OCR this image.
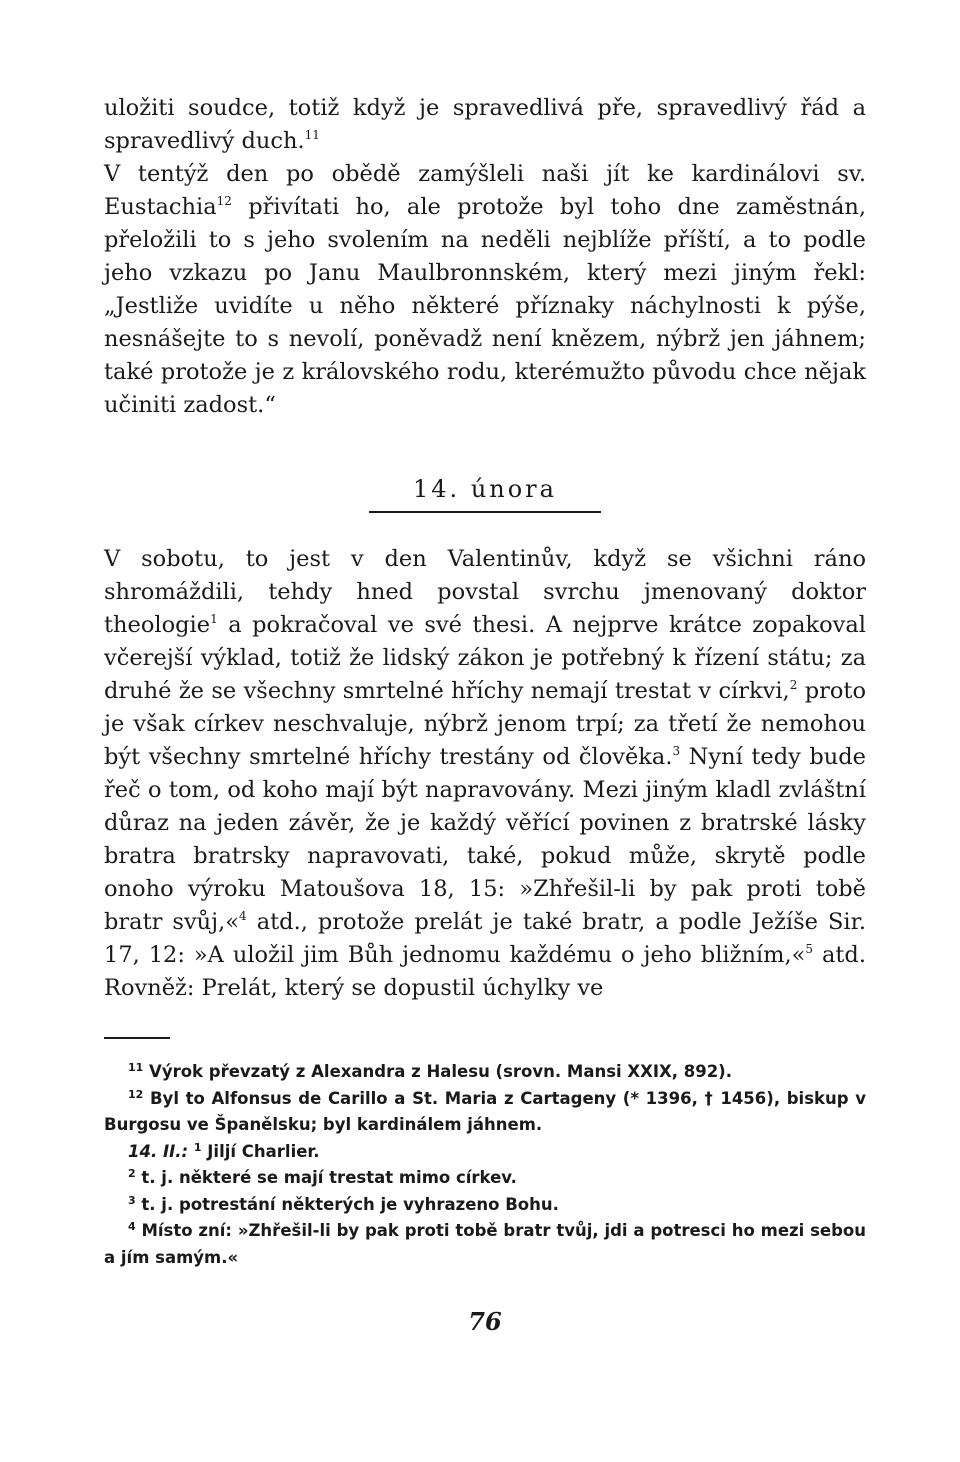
uložiti soudce, totiž když je spravedlivá pře, spravedlivý řád a spravedlivý duch.$^{11}$

V tentýž den po obědě zamýšleli naši jít ke kardinálovi sv. Eustachia$^{12}$ přivítati ho, ale protože byl toho dne zaměstnán, přeložili to s jeho svolením na neděli nejblíže příští, a to podle jeho vzkazu po Janu Maulbronnském, který mezi jiným řekl: „Jestliže uvidíte u něho některé příznaky náchylnosti k pýše, nesnášejte to s nevolí, poněvadž není knězem, nýbrž jen jáhnem; také protože je z královského rodu, kterémužto původu chce nějak učiniti zadost.“

14. února

V sobotu, to jest v den Valentinův, když se všichni ráno shromáždili, tehdy hned povstal svrchu jmenovaný doktor theologie$^1$ a pokračoval ve své thesi. A nejprve krátce zopakoval včerejší výklad, totiž že lidský zákon je potřebný k řízení státu; za druhé že se všechny smrtelné hříchy nemají trestat v církvi,$^2$ proto je však církev neschvaluje, nýbrž jenom trpí; za třetí že nemohou být všechny smrtelné hříchy trestány od člověka.$^3$ Nyní tedy bude řeč o tom, od koho mají být napravovány. Mezi jiným kladl zvláštní důraz na jeden závěr, že je každý věřící povinen z bratrské lásky bratra bratrsky napravovati, také, pokud může, skrytě podle onoho výroku Matoušova 18, 15: »Zhřešil-li by pak proti tobě bratr svůj,«$^4$ atd., protože prelát je také bratr, a podle Ježíše Sir. 17, 12: »A uložil jim Bůh jednomu každému o jeho bližním,«$^5$ atd. Rovněž: Prelát, který se dopustil úchylky ve

$^{11}$ Výrok převzatý z Alexandra z Halesu (srovn. Mansi XXIX, 892).

$^{12}$ Byl to Alfonsus de Carillo a St. Maria z Cartageny (* 1396, † 1456), biskup v Burgosu ve Španělsku; byl kardinálem jáhnem.

14. II.: $^1$ Jiljí Charlier.

$^2$ t. j. některé se mají trestat mimo církev.

$^3$ t. j. potrestání některých je vyhrazeno Bohu.

$^4$ Místo zní: »Zhřešil-li by pak proti tobě bratr tvůj, jdi a potresci ho mezi sebou a jím samým.«

76
